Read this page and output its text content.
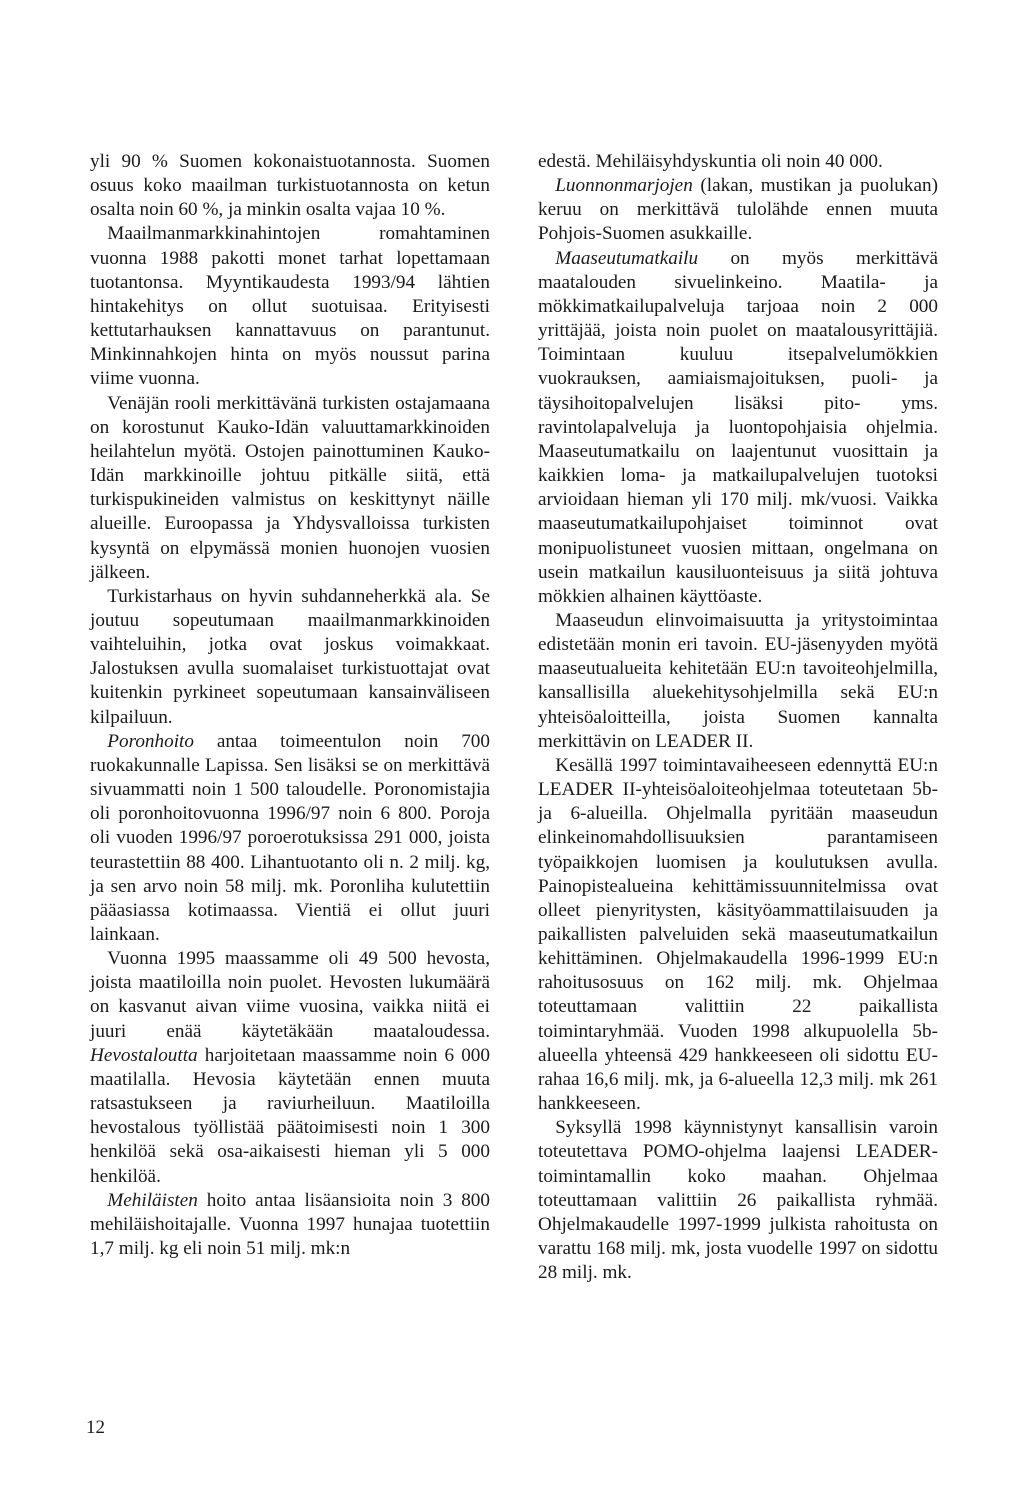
yli 90 % Suomen kokonaistuotannosta. Suomen osuus koko maailman turkistuotannosta on ketun osalta noin 60 %, ja minkin osalta vajaa 10 %.

Maailmanmarkkinahintojen romahtaminen vuonna 1988 pakotti monet tarhat lopettamaan tuotantonsa. Myyntikaudesta 1993/94 lähtien hintakehitys on ollut suotuisaa. Erityisesti kettutarhauksen kannattavuus on parantunut. Minkinnahkojen hinta on myös noussut parina viime vuonna.

Venäjän rooli merkittävänä turkisten ostajamaana on korostunut Kauko-Idän valuuttamarkkinoiden heilahtelun myötä. Ostojen painottuminen Kauko-Idän markkinoille johtuu pitkälle siitä, että turkispukineiden valmistus on keskittynyt näille alueille. Euroopassa ja Yhdysvalloissa turkisten kysyntä on elpymässä monien huonojen vuosien jälkeen.

Turkistarhaus on hyvin suhdanneherkkä ala. Se joutuu sopeutumaan maailmanmarkkinoiden vaihteluihin, jotka ovat joskus voimakkaat. Jalostuksen avulla suomalaiset turkistuottajat ovat kuitenkin pyrkineet sopeutumaan kansainväliseen kilpailuun.

Poronhoito antaa toimeentulon noin 700 ruokakunnalle Lapissa. Sen lisäksi se on merkittävä sivuammatti noin 1 500 taloudelle. Poronomistajia oli poronhoitovuonna 1996/97 noin 6 800. Poroja oli vuoden 1996/97 poroerotuksissa 291 000, joista teurastettiin 88 400. Lihantuotanto oli n. 2 milj. kg, ja sen arvo noin 58 milj. mk. Poronliha kulutettiin pääasiassa kotimaassa. Vientiä ei ollut juuri lainkaan.

Vuonna 1995 maassamme oli 49 500 hevosta, joista maatiloilla noin puolet. Hevosten lukumäärä on kasvanut aivan viime vuosina, vaikka niitä ei juuri enää käytetäkään maataloudessa. Hevostaloutta harjoitetaan maassamme noin 6 000 maatilalla. Hevosia käytetään ennen muuta ratsastukseen ja raviurheiluun. Maatiloilla hevostalous työllistää päätoimisesti noin 1 300 henkilöä sekä osa-aikaisesti hieman yli 5 000 henkilöä.

Mehiläisten hoito antaa lisäansioita noin 3 800 mehiläishoitajalle. Vuonna 1997 hunajaa tuotettiin 1,7 milj. kg eli noin 51 milj. mk:n

edestä. Mehiläisyhdyskuntia oli noin 40 000.

Luonnonmarjojen (lakan, mustikan ja puolukan) keruu on merkittävä tulolähde ennen muuta Pohjois-Suomen asukkaille.

Maaseutumatkailu on myös merkittävä maatalouden sivuelinkeino. Maatila- ja mökkimatkailupalveluja tarjoaa noin 2 000 yrittäjää, joista noin puolet on maatalousyrittäjiä. Toimintaan kuuluu itsepalvelumökkien vuokrauksen, aamiaismajoituksen, puoli- ja täysihoitopalvelujen lisäksi pito- yms. ravintolapalveluja ja luontopohjaisia ohjelmia. Maaseutumatkailu on laajentunut vuosittain ja kaikkien loma- ja matkailupalvelujen tuotoksi arvioidaan hieman yli 170 milj. mk/vuosi. Vaikka maaseutumatkailupohjaiset toiminnot ovat monipuolistuneet vuosien mittaan, ongelmana on usein matkailun kausiluonteisuus ja siitä johtuva mökkien alhainen käyttöaste.

Maaseudun elinvoimaisuutta ja yritystoimintaa edistetään monin eri tavoin. EU-jäsenyyden myötä maaseutualueita kehitetään EU:n tavoiteohjelmilla, kansallisilla aluekehitysohjelmilla sekä EU:n yhteisöaloitteilla, joista Suomen kannalta merkittävin on LEADER II.

Kesällä 1997 toimintavaiheeseen edennyttä EU:n LEADER II-yhteisöaloiteohjelmaa toteutetaan 5b- ja 6-alueilla. Ohjelmalla pyritään maaseudun elinkeinomahdollisuuksien parantamiseen työpaikkojen luomisen ja koulutuksen avulla. Painopistealueina kehittämissuunnitelmissa ovat olleet pienyritysten, käsityöammattilaisuuden ja paikallisten palveluiden sekä maaseutumatkailun kehittäminen. Ohjelmakaudella 1996-1999 EU:n rahoitusosuus on 162 milj. mk. Ohjelmaa toteuttamaan valittiin 22 paikallista toimintaryhmää. Vuoden 1998 alkupuolella 5b-alueella yhteensä 429 hankkeeseen oli sidottu EU-rahaa 16,6 milj. mk, ja 6-alueella 12,3 milj. mk 261 hankkeeseen.

Syksyllä 1998 käynnistynyt kansallisin varoin toteutettava POMO-ohjelma laajensi LEADER-toimintamallin koko maahan. Ohjelmaa toteuttamaan valittiin 26 paikallista ryhmää. Ohjelmakaudelle 1997-1999 julkista rahoitusta on varattu 168 milj. mk, josta vuodelle 1997 on sidottu 28 milj. mk.

12
